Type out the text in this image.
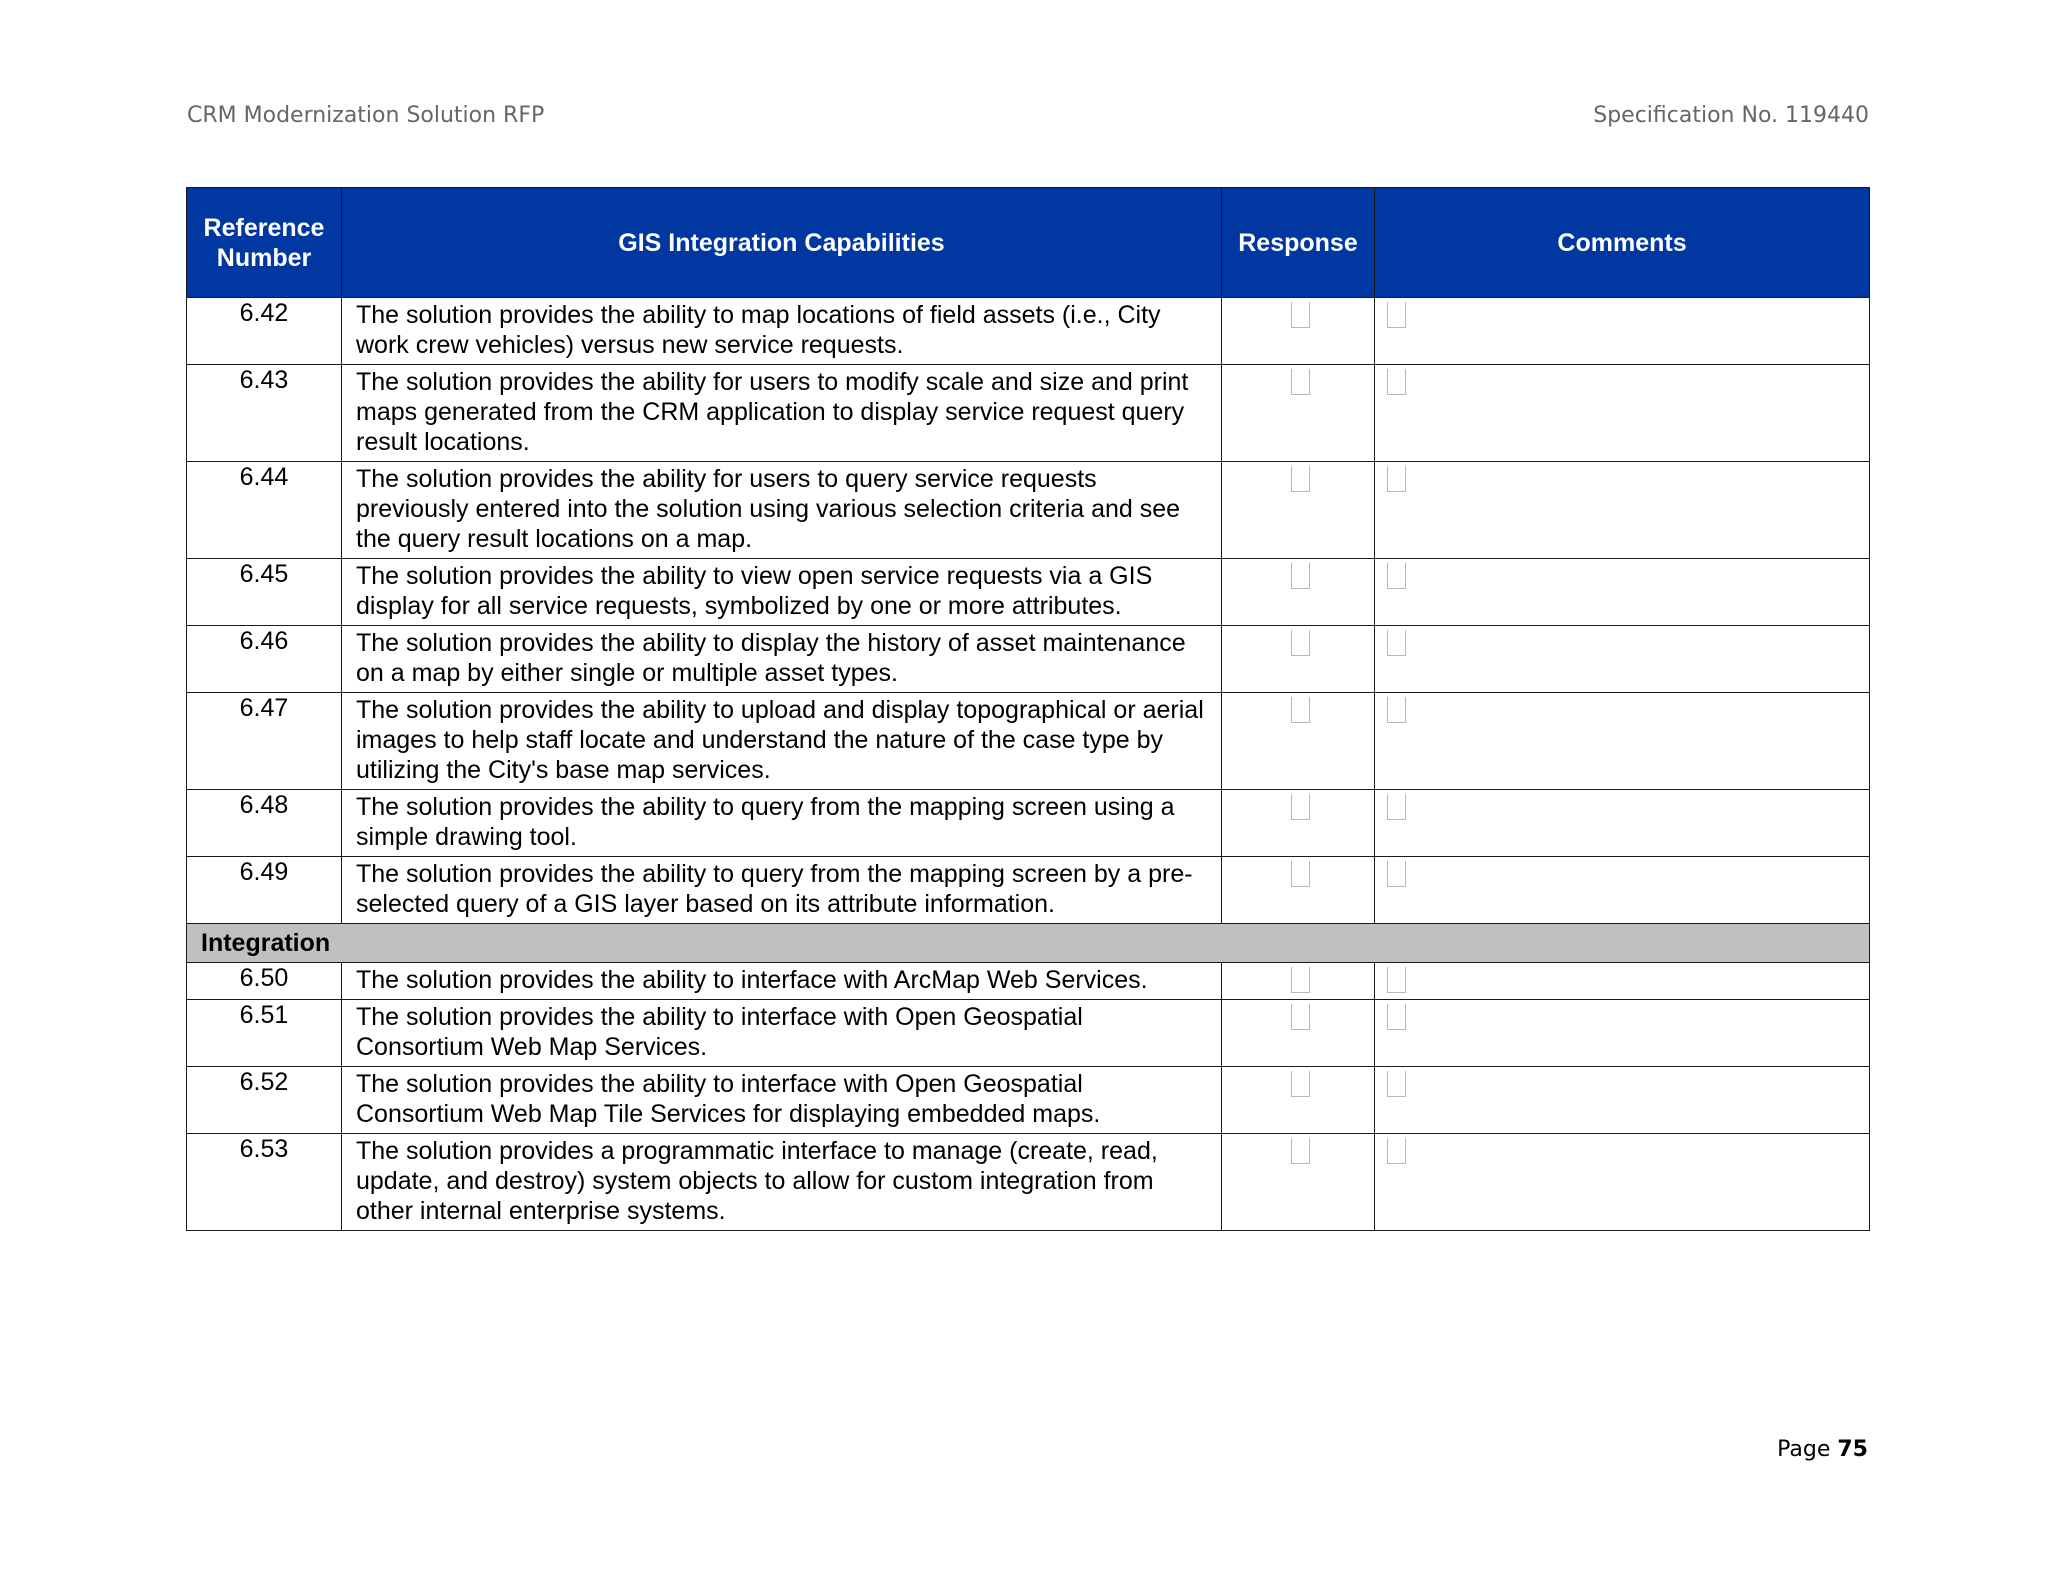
CRM Modernization Solution RFP	Specification No. 119440
Reference Number	GIS Integration Capabilities	Response	Comments
6.42	The solution provides the ability to map locations of field assets (i.e., City work crew vehicles) versus new service requests.	

6.43	The solution provides the ability for users to modify scale and size and print maps generated from the CRM application to display service request query result locations.	

6.44	The solution provides the ability for users to query service requests previously entered into the solution using various selection criteria and see the query result locations on a map.	

6.45	The solution provides the ability to view open service requests via a GIS display for all service requests, symbolized by one or more attributes.	

6.46	The solution provides the ability to display the history of asset maintenance on a map by either single or multiple asset types.	

6.47	The solution provides the ability to upload and display topographical or aerial images to help staff locate and understand the nature of the case type by utilizing the City's base map services.	

6.48	The solution provides the ability to query from the mapping screen using a simple drawing tool.	

6.49	The solution provides the ability to query from the mapping screen by a pre-selected query of a GIS layer based on its attribute information.	

Integration			
6.50	The solution provides the ability to interface with ArcMap Web Services.	

6.51	The solution provides the ability to interface with Open Geospatial Consortium Web Map Services.	

6.52	The solution provides the ability to interface with Open Geospatial Consortium Web Map Tile Services for displaying embedded maps.	

6.53	The solution provides a programmatic interface to manage (create, read, update, and destroy) system objects to allow for custom integration from other internal enterprise systems.	

Page 75
